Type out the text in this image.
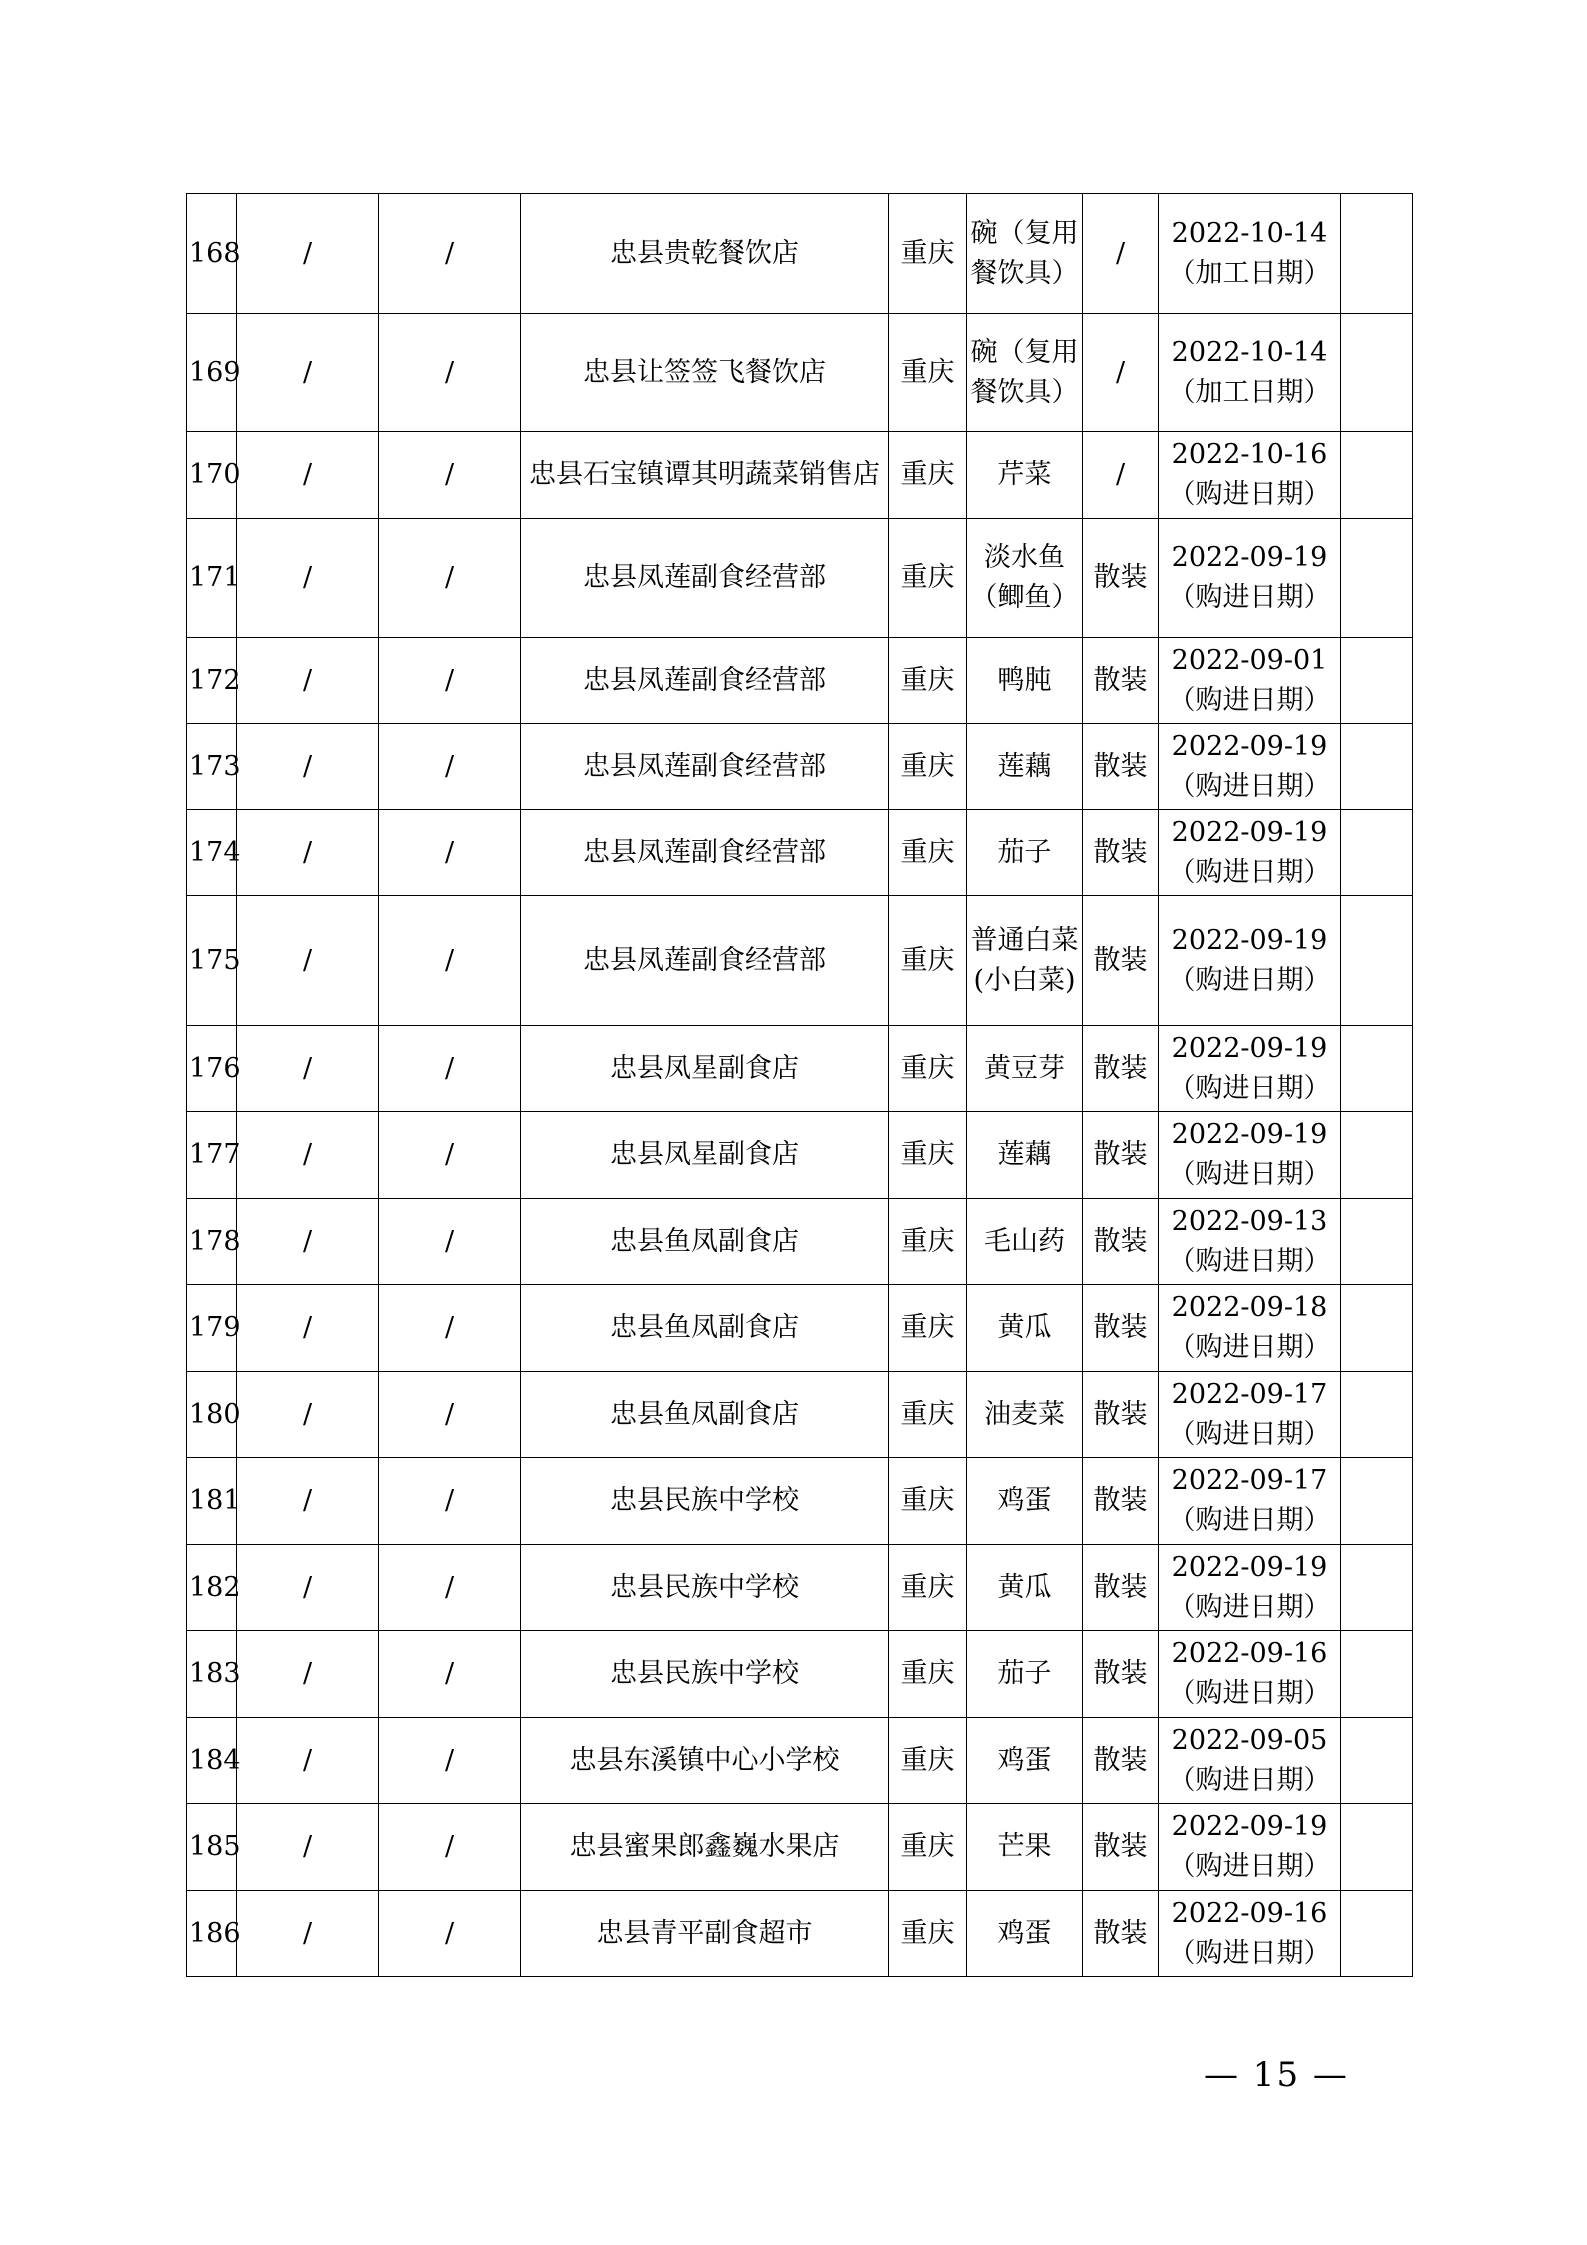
168	/	/	忠县贵乾餐饮店	重庆	碗（复用餐饮具）	/	2022-10-14
（加工日期）	

169	/	/	忠县让签签飞餐饮店	重庆	碗（复用餐饮具）	/	2022-10-14
（加工日期）	

170	/	/	忠县石宝镇谭其明蔬菜销售店	重庆	芹菜	/	2022-10-16
（购进日期）	

171	/	/	忠县凤莲副食经营部	重庆	淡水鱼（鲫鱼）	散装	2022-09-19
（购进日期）	

172	/	/	忠县凤莲副食经营部	重庆	鸭肫	散装	2022-09-01
（购进日期）	

173	/	/	忠县凤莲副食经营部	重庆	莲藕	散装	2022-09-19
（购进日期）	

174	/	/	忠县凤莲副食经营部	重庆	茄子	散装	2022-09-19
（购进日期）	

175	/	/	忠县凤莲副食经营部	重庆	普通白菜(小白菜)	散装	2022-09-19
（购进日期）	

176	/	/	忠县凤星副食店	重庆	黄豆芽	散装	2022-09-19
（购进日期）	

177	/	/	忠县凤星副食店	重庆	莲藕	散装	2022-09-19
（购进日期）	

178	/	/	忠县鱼凤副食店	重庆	毛山药	散装	2022-09-13
（购进日期）	

179	/	/	忠县鱼凤副食店	重庆	黄瓜	散装	2022-09-18
（购进日期）	

180	/	/	忠县鱼凤副食店	重庆	油麦菜	散装	2022-09-17
（购进日期）	

181	/	/	忠县民族中学校	重庆	鸡蛋	散装	2022-09-17
（购进日期）	

182	/	/	忠县民族中学校	重庆	黄瓜	散装	2022-09-19
（购进日期）	

183	/	/	忠县民族中学校	重庆	茄子	散装	2022-09-16
（购进日期）	

184	/	/	忠县东溪镇中心小学校	重庆	鸡蛋	散装	2022-09-05
（购进日期）	

185	/	/	忠县蜜果郎鑫巍水果店	重庆	芒果	散装	2022-09-19
（购进日期）	

186	/	/	忠县青平副食超市	重庆	鸡蛋	散装	2022-09-16
（购进日期）	

— 15 —
